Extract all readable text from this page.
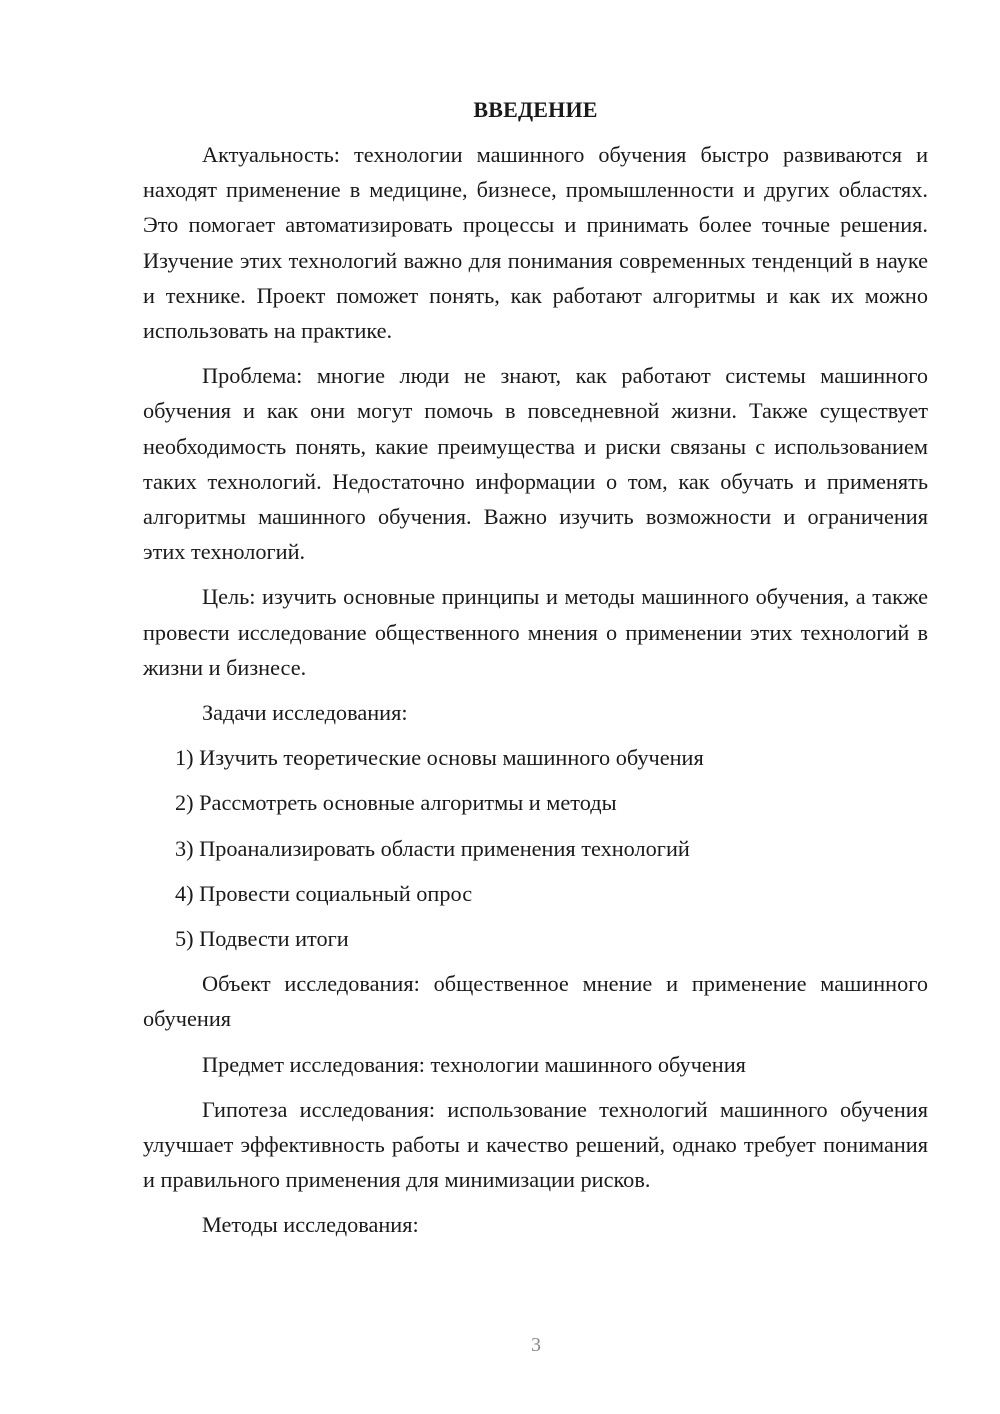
ВВЕДЕНИЕ

Актуальность: технологии машинного обучения быстро развиваются и находят применение в медицине, бизнесе, промышленности и других областях. Это помогает автоматизировать процессы и принимать более точные решения. Изучение этих технологий важно для понимания современных тенденций в науке и технике. Проект поможет понять, как работают алгоритмы и как их можно использовать на практике.

Проблема: многие люди не знают, как работают системы машинного обучения и как они могут помочь в повседневной жизни. Также существует необходимость понять, какие преимущества и риски связаны с использованием таких технологий. Недостаточно информации о том, как обучать и применять алгоритмы машинного обучения. Важно изучить возможности и ограничения этих технологий.

Цель: изучить основные принципы и методы машинного обучения, а также провести исследование общественного мнения о применении этих технологий в жизни и бизнесе.

Задачи исследования:

1) Изучить теоретические основы машинного обучения
2) Рассмотреть основные алгоритмы и методы
3) Проанализировать области применения технологий
4) Провести социальный опрос
5) Подвести итоги

Объект исследования: общественное мнение и применение машинного обучения

Предмет исследования: технологии машинного обучения

Гипотеза исследования: использование технологий машинного обучения улучшает эффективность работы и качество решений, однако требует понимания и правильного применения для минимизации рисков.

Методы исследования:

3
